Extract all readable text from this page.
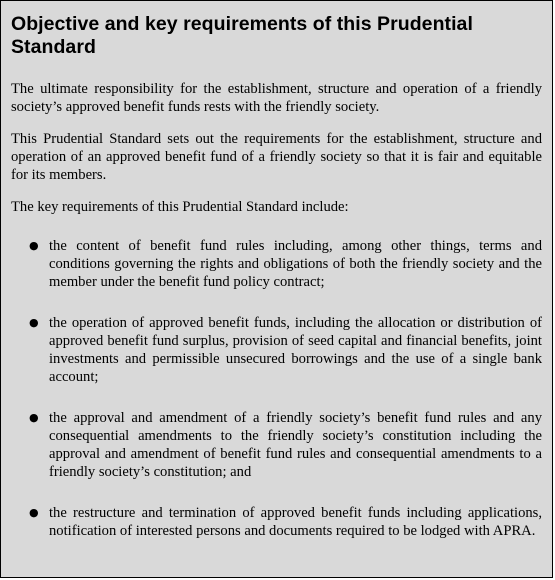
Objective and key requirements of this Prudential Standard

The ultimate responsibility for the establishment, structure and operation of a friendly society’s approved benefit funds rests with the friendly society.

This Prudential Standard sets out the requirements for the establishment, structure and operation of an approved benefit fund of a friendly society so that it is fair and equitable for its members.

The key requirements of this Prudential Standard include:

● the content of benefit fund rules including, among other things, terms and conditions governing the rights and obligations of both the friendly society and the member under the benefit fund policy contract;
● the operation of approved benefit funds, including the allocation or distribution of approved benefit fund surplus, provision of seed capital and financial benefits, joint investments and permissible unsecured borrowings and the use of a single bank account;
● the approval and amendment of a friendly society’s benefit fund rules and any consequential amendments to the friendly society’s constitution including the approval and amendment of benefit fund rules and consequential amendments to a friendly society’s constitution; and
● the restructure and termination of approved benefit funds including applications, notification of interested persons and documents required to be lodged with APRA.
